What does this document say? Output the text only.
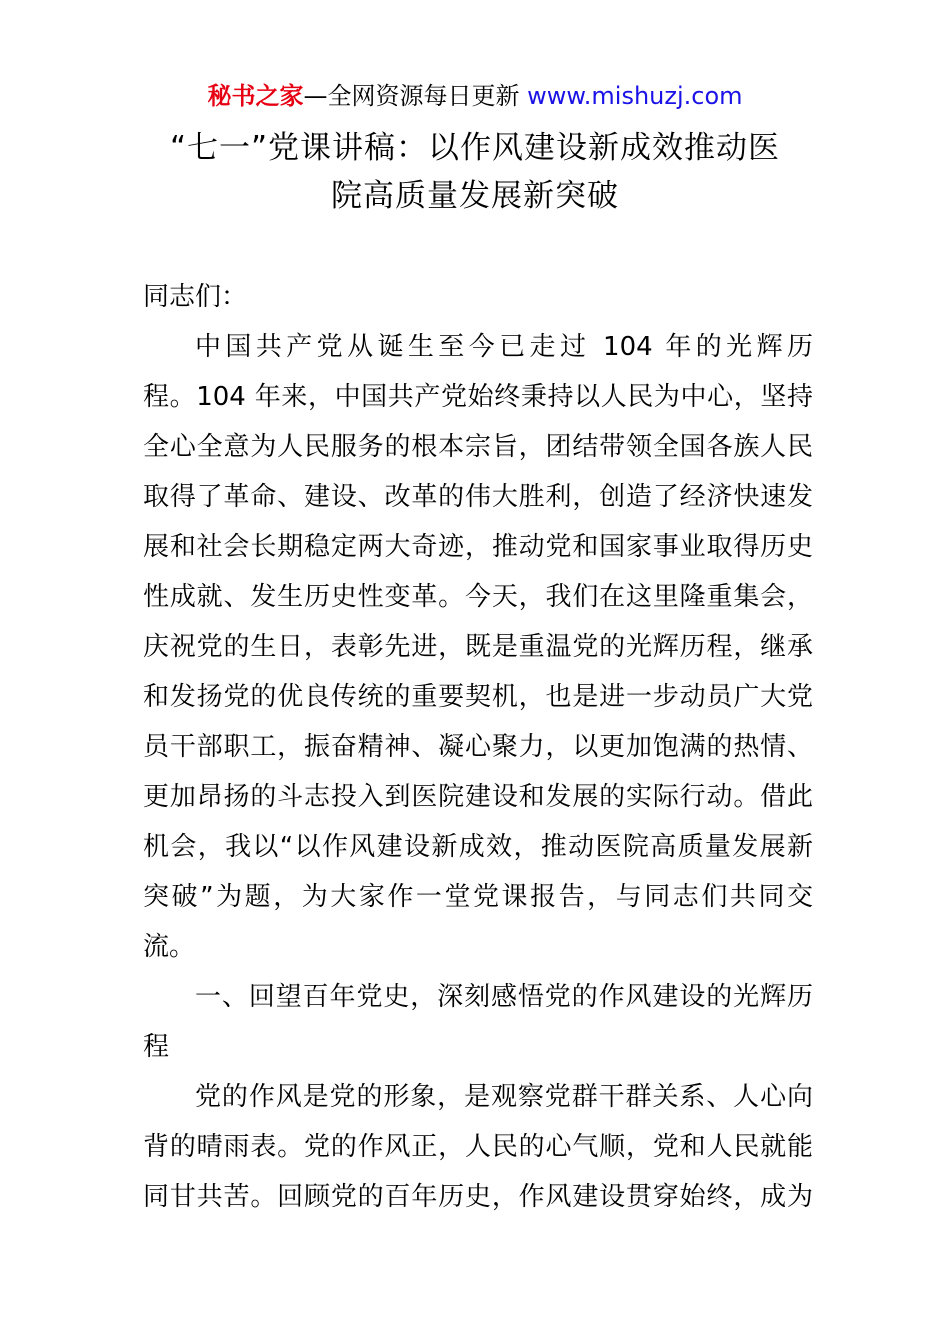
秘书之家—全网资源每日更新 www.mishuzj.com
“七一”党课讲稿：以作风建设新成效推动医
院高质量发展新突破
同志们：
中国共产党从诞生至今已走过 104 年的光辉历
程。104 年来，中国共产党始终秉持以人民为中心，坚持
全心全意为人民服务的根本宗旨，团结带领全国各族人民
取得了革命、建设、改革的伟大胜利，创造了经济快速发
展和社会长期稳定两大奇迹，推动党和国家事业取得历史
性成就、发生历史性变革。今天，我们在这里隆重集会，
庆祝党的生日，表彰先进，既是重温党的光辉历程，继承
和发扬党的优良传统的重要契机，也是进一步动员广大党
员干部职工，振奋精神、凝心聚力，以更加饱满的热情、
更加昂扬的斗志投入到医院建设和发展的实际行动。借此
机会，我以“以作风建设新成效，推动医院高质量发展新
突破”为题，为大家作一堂党课报告，与同志们共同交
流。
一、回望百年党史，深刻感悟党的作风建设的光辉历
程
党的作风是党的形象，是观察党群干群关系、人心向
背的晴雨表。党的作风正，人民的心气顺，党和人民就能
同甘共苦。回顾党的百年历史，作风建设贯穿始终，成为
